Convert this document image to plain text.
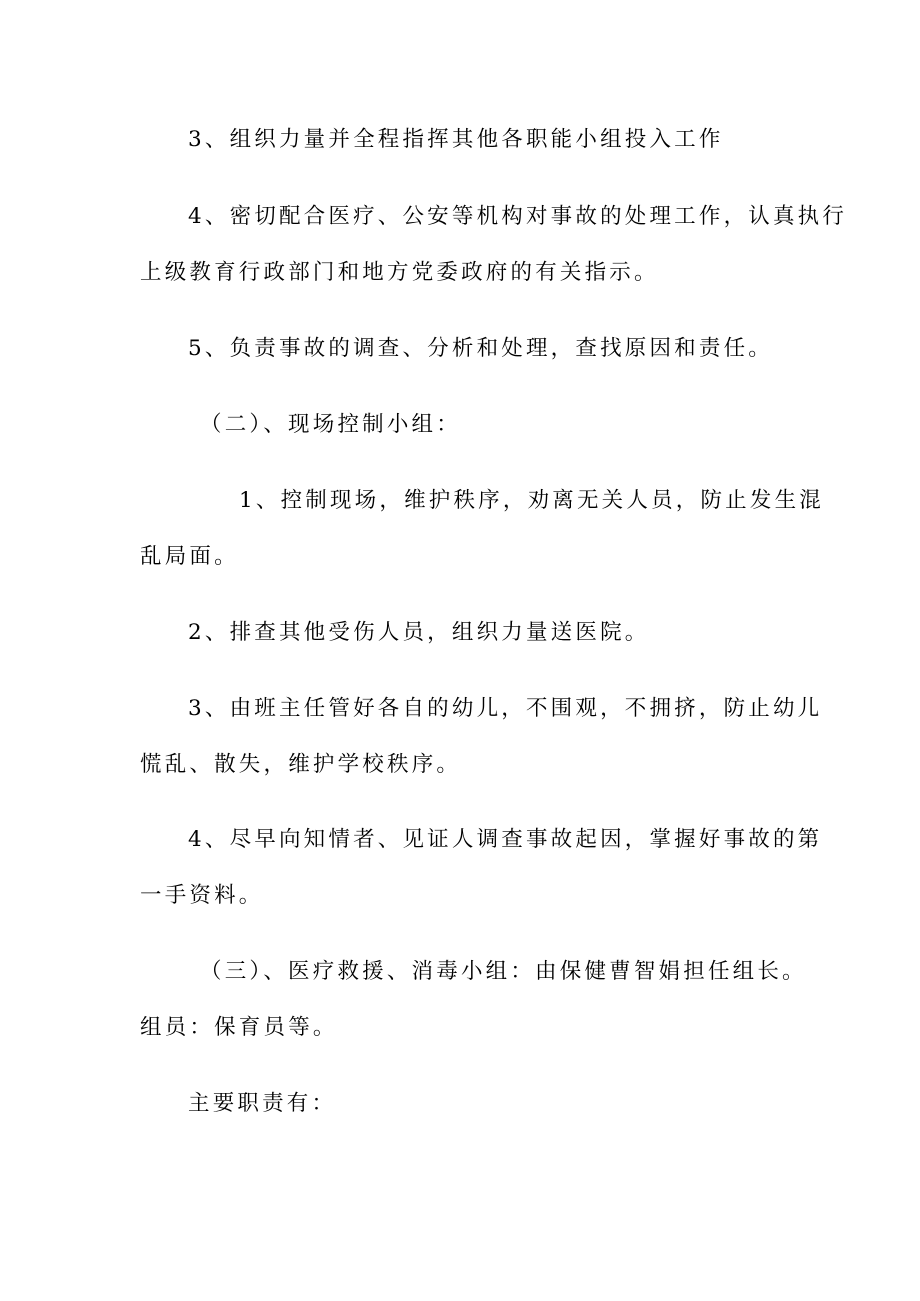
3、组织力量并全程指挥其他各职能小组投入工作
4、密切配合医疗、公安等机构对事故的处理工作，认真执行
上级教育行政部门和地方党委政府的有关指示。
5、负责事故的调查、分析和处理，查找原因和责任。
（二）、现场控制小组：
1、控制现场，维护秩序，劝离无关人员，防止发生混
乱局面。
2、排查其他受伤人员，组织力量送医院。
3、由班主任管好各自的幼儿，不围观，不拥挤，防止幼儿
慌乱、散失，维护学校秩序。
4、尽早向知情者、见证人调查事故起因，掌握好事故的第
一手资料。
（三）、医疗救援、消毒小组：由保健曹智娟担任组长。
组员：保育员等。
主要职责有：
